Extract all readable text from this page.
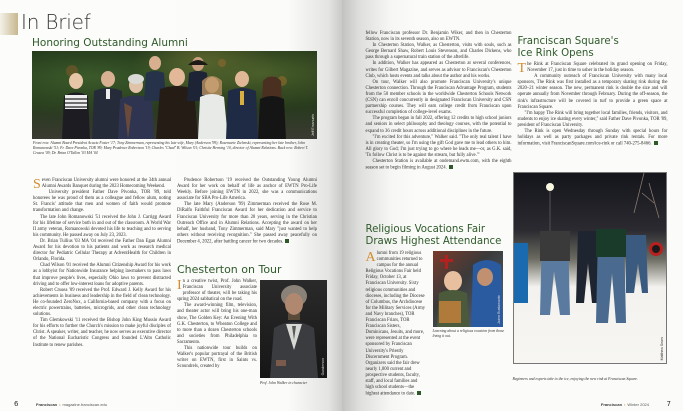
In Brief
Honoring Outstanding Alumni
Jeff Emanuels
Front row: Alumni Board President Acacia Foster '17; Tony Zimmerman, representing his late wife, Mary (Anderson '99); Rosemarie Zielenski, representing her late brother, John Romanowski '51; Fr. Dave Pivonka, TOR '89; Mary Prudence Robertson '19; Charles "Chad" B. Wilson '01; Christie Herning '10, director of Alumni Relations. Back row: Robert T. Crusea '09; Dr. Brian O'Tallon '03 MA '04

Seven Franciscan University alumni were honored at the 34th annual Alumni Awards Banquet during the 2023 Homecoming Weekend.

University president Father Dave Pivonka, TOR '89, told honorees he was proud of them as a colleague and fellow alum, noting St. Francis' attitude that men and women of faith would promote transformation and change.

The late John Romanowski '51 received the John J. Carrigg Award for his lifetime of service both in and out of the classroom. A World War II army veteran, Romanowski devoted his life to teaching and to serving his community. He passed away on July 23, 2023.

Dr. Brian Tullius '03 MA '04 received the Father Dan Egan Alumni Award for his devotion to his patients and work as research medical director for Pediatric Cellular Therapy at AdventHealth for Children in Orlando, Florida.

Chad Wilson '01 received the Alumni Citizenship Award for his work as a lobbyist for Nationwide Insurance helping lawmakers to pass laws that improve people's lives, especially Ohio laws to prevent distracted driving and to offer low-interest loans for adoptive parents.

Robert Crusea '09 received the Prof. Edward J. Kelly Award for his achievements in business and leadership in the field of clean technology. He co-founded ZeroNox, a California-based company with a focus on electric powertrains, batteries, microgrids, and other clean technology solutions.

Tim Glemkowski '11 received the Bishop John King Mussio Award for his efforts to further the Church's mission to make joyful disciples of Christ. A speaker, writer, and teacher, he now serves as executive director of the National Eucharistic Congress and founded L'Alto Catholic Institute to renew parishes.

Prudence Robertson '19 received the Outstanding Young Alumni Award for her work on behalf of life as anchor of EWTN Pro-Life Weekly. Before joining EWTN in 2022, she was a communications associate for SBA Pro-Life America.

The late Mary (Anderson '99) Zimmerman received the Rose M. DiRalfo Faithful Franciscan Award for her dedication and service to Franciscan University for more than 20 years, serving in the Christian Outreach Office and in Alumni Relations. Accepting the award on her behalf, her husband, Tony Zimmerman, said Mary "just wanted to help others without receiving recognition." She passed away peacefully on December 4, 2022, after battling cancer for two decades.

Chesterton on Tour

In a creative twist, Prof. John Walker, Franciscan University associate professor of theater, will be taking his spring 2024 sabbatical on the road.

The award-winning film, television, and theater actor will bring his one-man show, The Golden Key: An Evening With G.K. Chesterton, to Wheaton College and to more than a dozen Chesterton schools and societies from Philadelphia to Sacramento.

This nationwide tour builds on Walker's popular portrayal of the British writer on EWTN, first in Saints vs. Scoundrels, created by	Gunderson
Prof. John Walker in character
6	Franciscan • magazine.franciscan.edu

fellow Franciscan professor Dr. Benjamin Wiker, and then in Chesterton Station, now in its seventh season, also on EWTN.

In Chesterton Station, Walker, as Chesterton, visits with souls, such as George Bernard Shaw, Robert Louis Stevenson, and Charles Dickens, who pass through a supernatural train station of the afterlife.

In addition, Walker has appeared as Chesterton at several conferences, writes for Gilbert Magazine, and serves as advisor to Franciscan's Chesterton Club, which hosts events and talks about the author and his works.

On tour, Walker will also promote Franciscan University's unique Chesterton connection. Through the Franciscan Advantage Program, students from the 50 member schools in the worldwide Chesterton Schools Network (CSN) can enroll concurrently in designated Franciscan University and CSN partnership courses. They will earn college credit from Franciscan upon successful completion of college-level exams.

The program began in fall 2022, offering 12 credits to high school juniors and seniors in select philosophy and theology courses, with the potential to expand to 36 credit hours across additional disciplines in the future.

"I'm excited for this adventure," Walker said. "The only real talent I have is in creating theater, so I'm using the gift God gave me to lead others to him. All glory to God; I'm just trying to go where he leads me—or, as G.K. said, 'To follow Christ is to be against the stream, but fully alive.'"

Chesterton Station is available at ondemand.ewtn.com, with the eighth season set to begin filming in August 2024.

Religious Vocations Fair
Draws Highest Attendance

Alumni from 19 religious communities returned to campus for the annual Religious Vocations Fair held Friday, October 13, at Franciscan University. Sixty religious communities and dioceses, including the Diocese of Columbus, the Archdiocese for the Military Services (Army and Navy branches), TOR Franciscan Friars, TOR Franciscan Sisters, Dominicans, Jesuits, and more, were represented at the event sponsored by Franciscan University's Priestly Discernment Program. Organizers said the fair drew nearly 1,000 current and prospective students, faculty, staff, and local families and high school students—the highest attendance to date.

Jaime Bustamante
Learning about a religious vocation from those living it out.
Franciscan Square's
Ice Rink Opens

The Rink at Franciscan Square celebrated its grand opening on Friday, November 17, just in time to usher in the holiday season.

A community outreach of Franciscan University with many local sponsors, The Rink was first installed as a temporary skating rink during the 2020–21 winter season. The new, permanent rink is double the size and will operate annually from November through February. During the off-season, the rink's infrastructure will be covered in turf to provide a green space at Franciscan Square.

"I'm happy The Rink will bring together local families, friends, visitors, and students to enjoy ice skating every winter," said Father Dave Pivonka, TOR '89, president of Franciscan University.

The Rink is open Wednesday through Sunday with special hours for holidays as well as party packages and private rink rentals. For more information, visit FranciscanSquare.com/ice-rink or call 740-275-8466.

Matthew Sears
Beginners and experts take to the ice, enjoying the new rink at Franciscan Square.
Franciscan • Winter 2024	7
